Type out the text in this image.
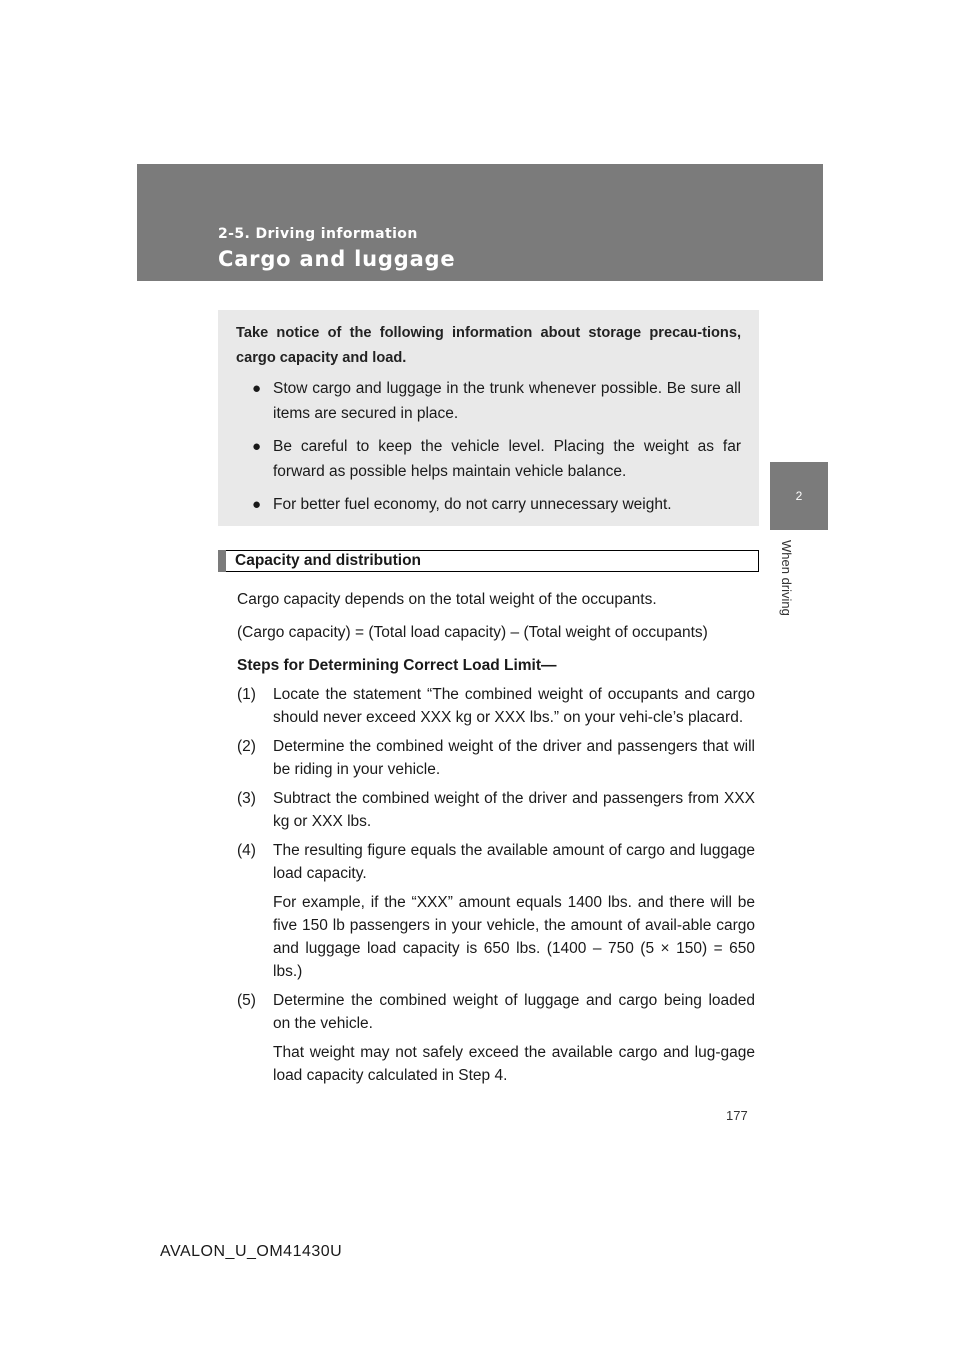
2-5. Driving information
Cargo and luggage
2
When driving

Take notice of the following information about storage precau-tions, cargo capacity and load.

● Stow cargo and luggage in the trunk whenever possible. Be sure all items are secured in place.
● Be careful to keep the vehicle level. Placing the weight as far forward as possible helps maintain vehicle balance.
● For better fuel economy, do not carry unnecessary weight.
Capacity and distribution

Cargo capacity depends on the total weight of the occupants.

(Cargo capacity) = (Total load capacity) – (Total weight of occupants)

Steps for Determining Correct Load Limit—

(1)	Locate the statement “The combined weight of occupants and cargo should never exceed XXX kg or XXX lbs.” on your vehi-cle’s placard.
(2)	Determine the combined weight of the driver and passengers that will be riding in your vehicle.
(3)	Subtract the combined weight of the driver and passengers from XXX kg or XXX lbs.
(4)	The resulting figure equals the available amount of cargo and luggage load capacity.

For example, if the “XXX” amount equals 1400 lbs. and there will be five 150 lb passengers in your vehicle, the amount of avail-able cargo and luggage load capacity is 650 lbs. (1400 – 750 (5 × 150) = 650 lbs.)

(5)	Determine the combined weight of luggage and cargo being loaded on the vehicle.

That weight may not safely exceed the available cargo and lug-gage load capacity calculated in Step 4.

177
AVALON_U_OM41430U
